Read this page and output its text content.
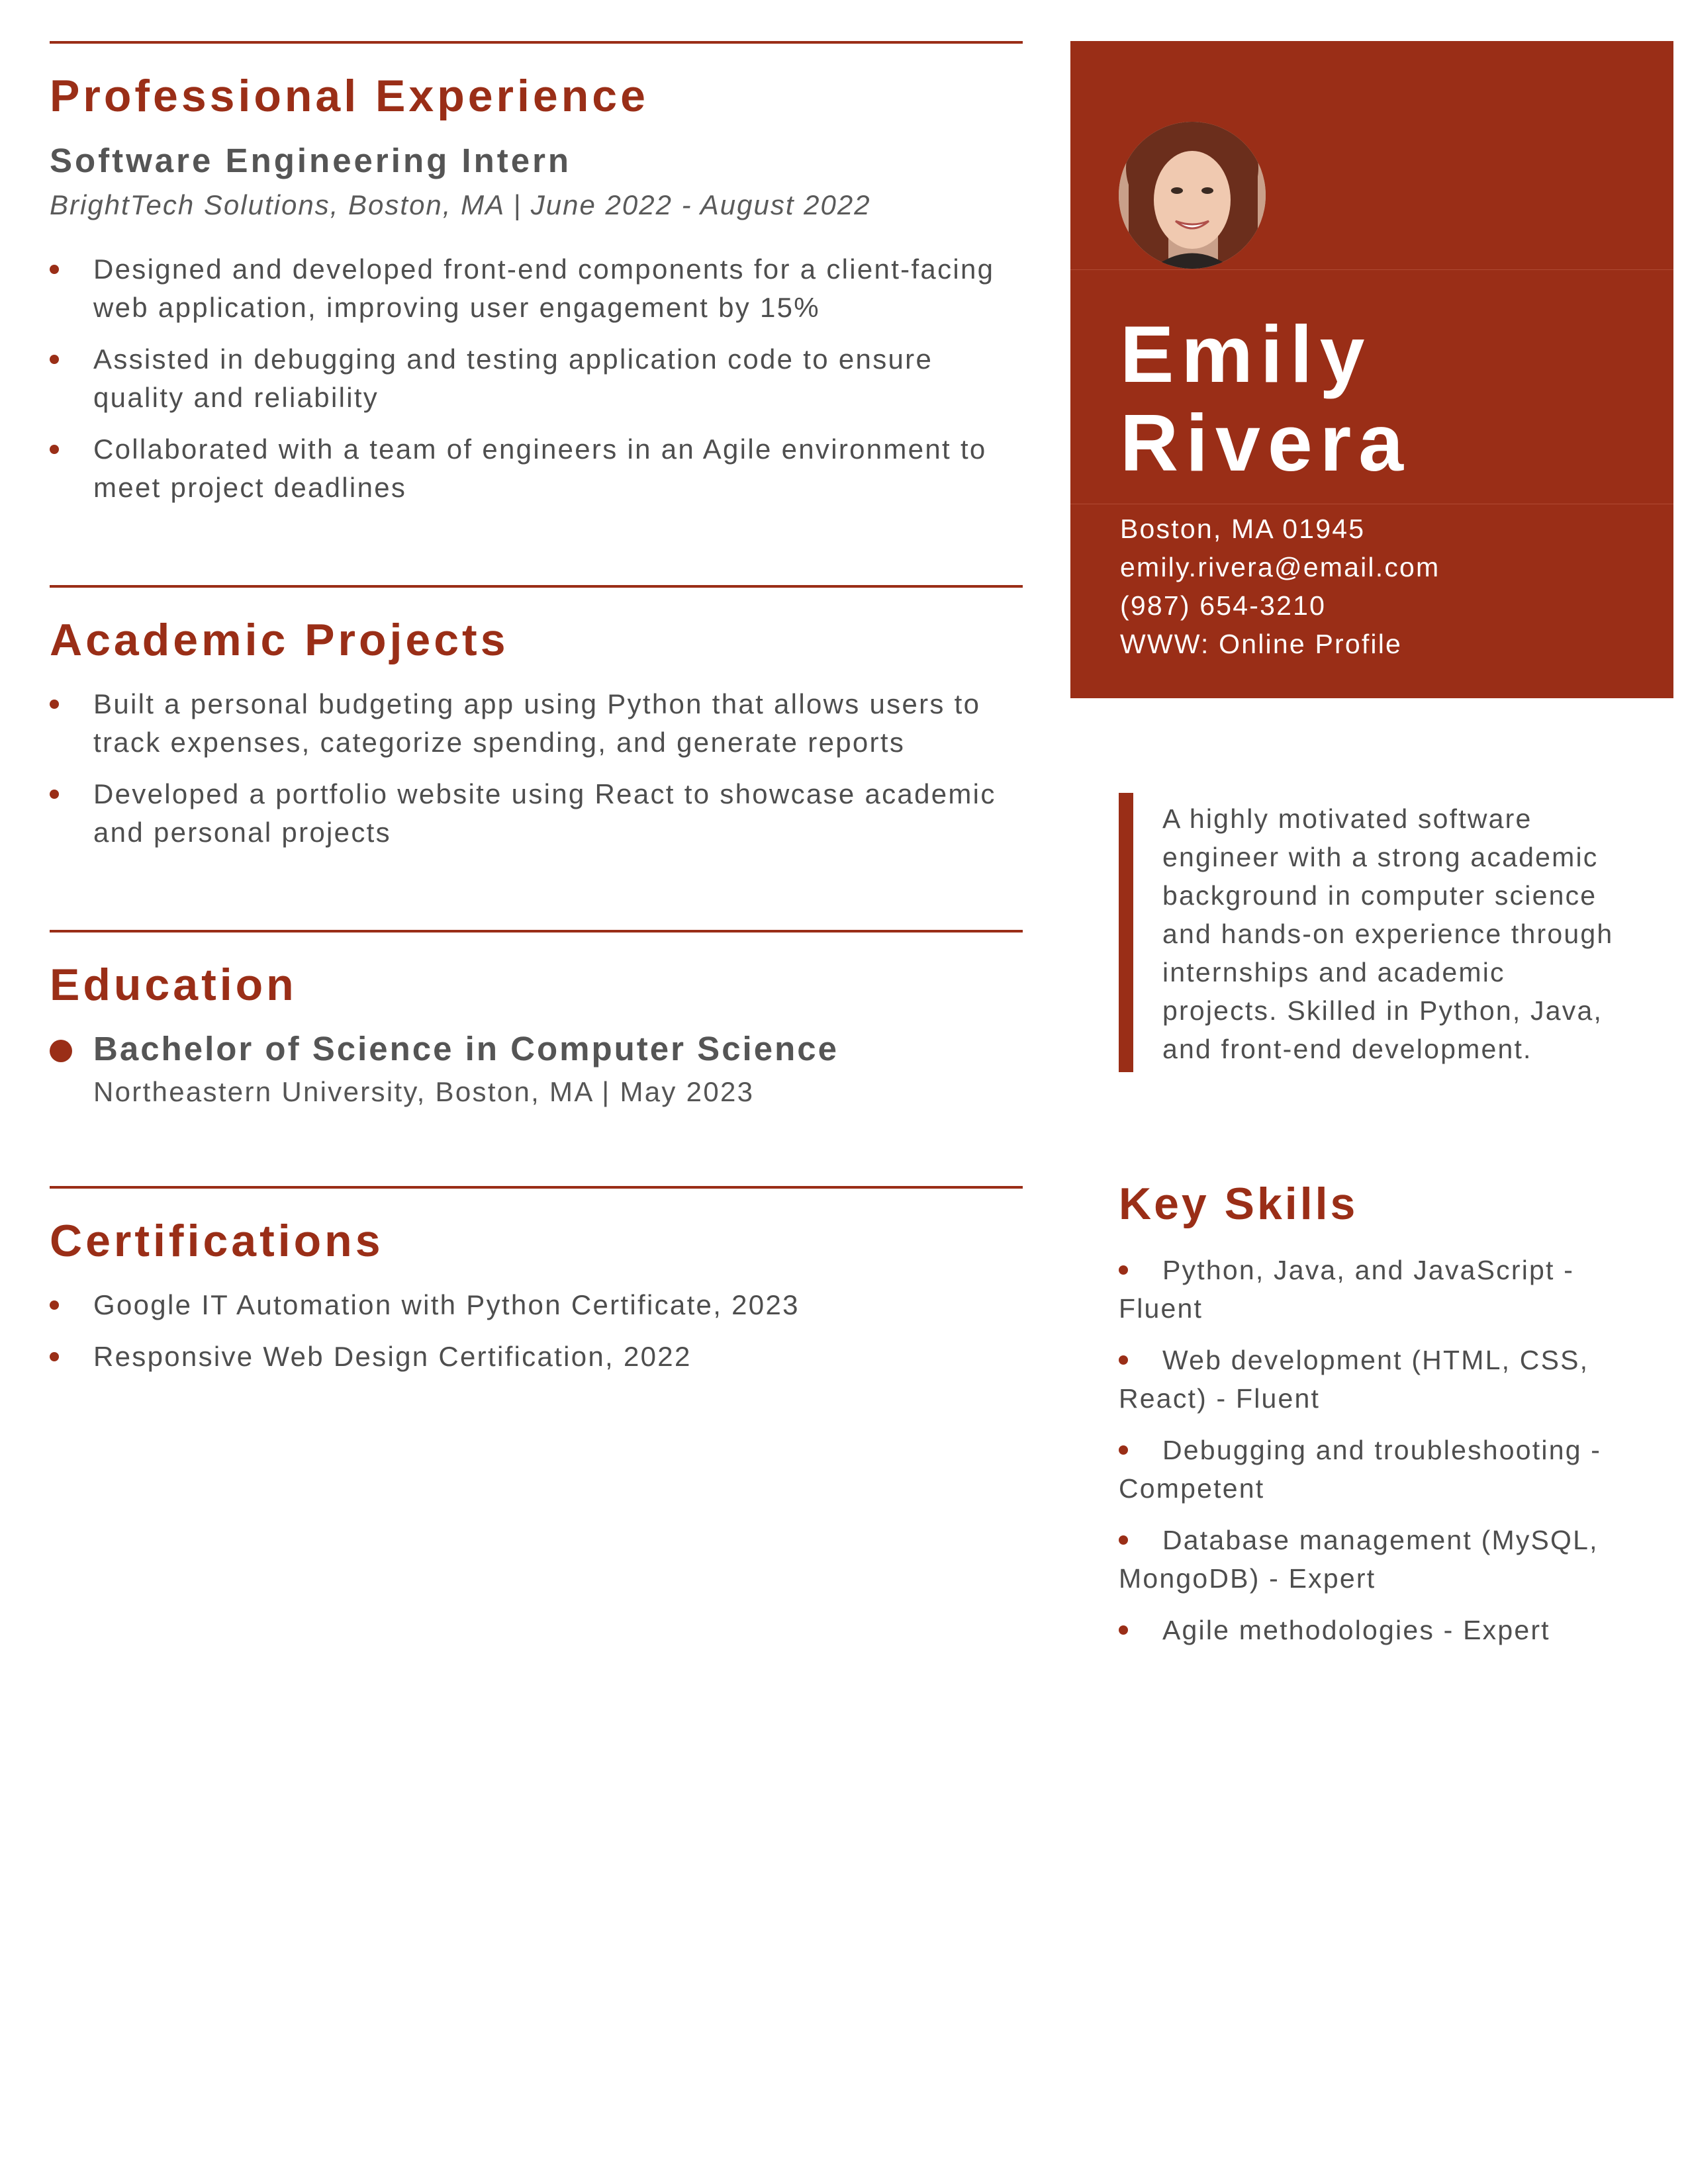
Professional Experience
Software Engineering Intern
BrightTech Solutions, Boston, MA | June 2022 - August 2022
Designed and developed front-end components for a client-facing web application, improving user engagement by 15%
Assisted in debugging and testing application code to ensure quality and reliability
Collaborated with a team of engineers in an Agile environment to meet project deadlines
Academic Projects
Built a personal budgeting app using Python that allows users to track expenses, categorize spending, and generate reports
Developed a portfolio website using React to showcase academic and personal projects
Education
Bachelor of Science in Computer Science
Northeastern University, Boston, MA | May 2023
Certifications
Google IT Automation with Python Certificate, 2023
Responsive Web Design Certification, 2022
Emily
Rivera
Boston, MA 01945
emily.rivera@email.com
(987) 654-3210
WWW: Online Profile
A highly motivated software engineer with a strong academic background in computer science and hands-on experience through internships and academic projects. Skilled in Python, Java, and front-end development.
Key Skills
Python, Java, and JavaScript - Fluent
Web development (HTML, CSS, React) - Fluent
Debugging and troubleshooting - Competent
Database management (MySQL, MongoDB) - Expert
Agile methodologies - Expert
